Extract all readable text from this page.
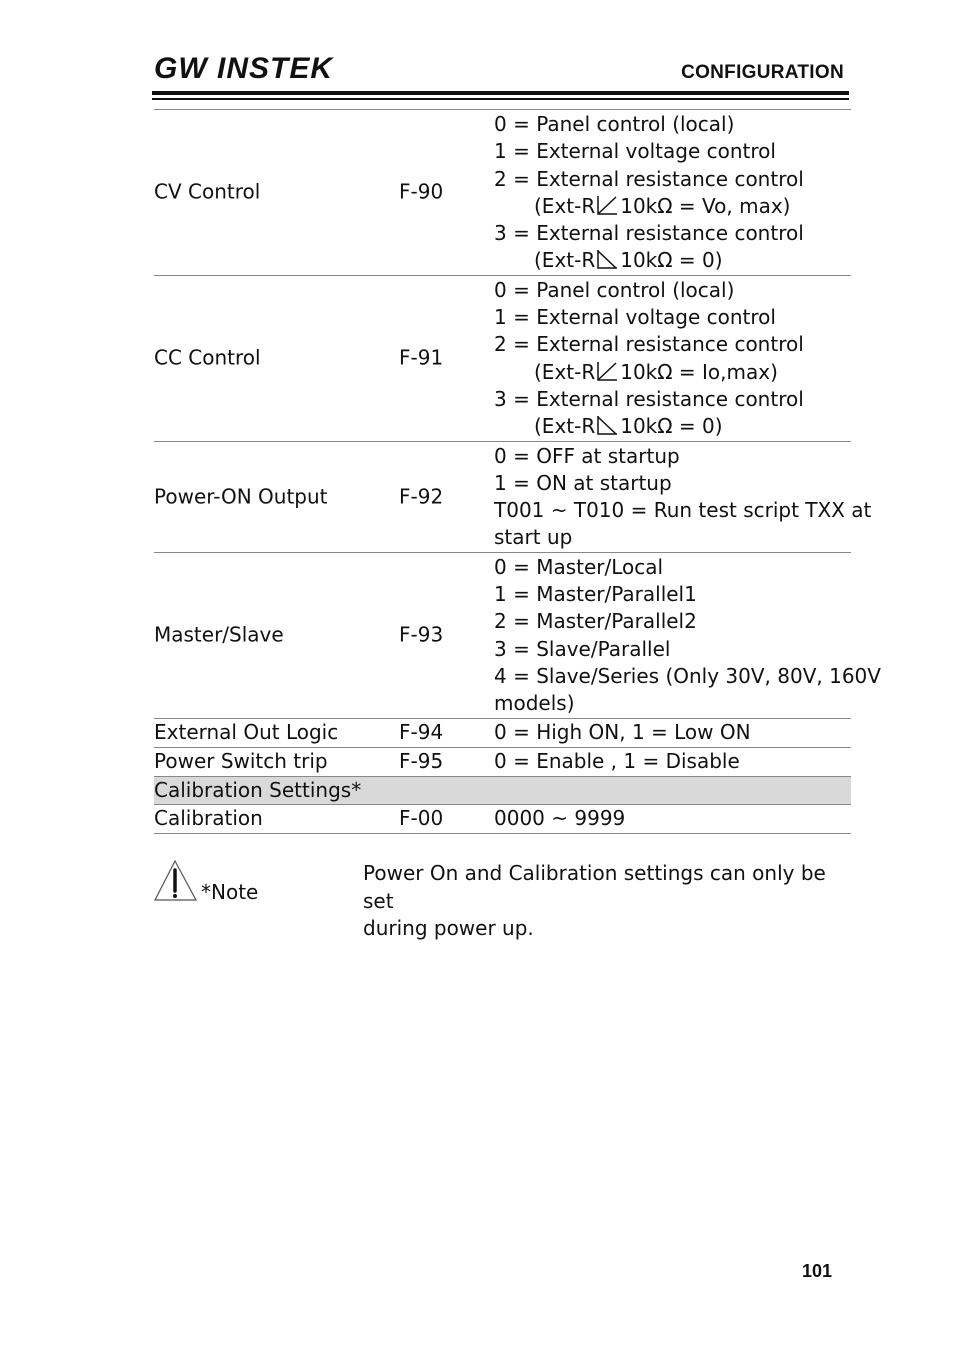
GW INSTEK	CONFIGURATION
CV Control	F-90
0 = Panel control (local)
1 = External voltage control
2 = External resistance control
(Ext-R 10kΩ = Vo, max)
3 = External resistance control
(Ext-R 10kΩ = 0)
CC Control	F-91
0 = Panel control (local)
1 = External voltage control
2 = External resistance control
(Ext-R 10kΩ = Io,max)
3 = External resistance control
(Ext-R 10kΩ = 0)
Power-ON Output	F-92
0 = OFF at startup
1 = ON at startup
T001 ~ T010 = Run test script TXX at
start up
Master/Slave	F-93
0 = Master/Local
1 = Master/Parallel1
2 = Master/Parallel2
3 = Slave/Parallel
4 = Slave/Series (Only 30V, 80V, 160V
models)
External Out Logic	F-94	0 = High ON, 1 = Low ON
Power Switch trip	F-95	0 = Enable , 1 = Disable
Calibration Settings*
Calibration	F-00	0000 ~ 9999
*Note
Power On and Calibration settings can only be set
during power up.
101
